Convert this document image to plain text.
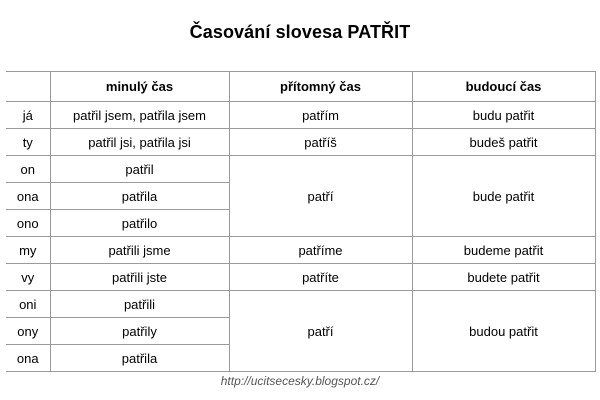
Časování slovesa PATŘIT
	minulý čas	přítomný čas	budoucí čas
já	patřil jsem, patřila jsem	patřím	budu patřit
ty	patřil jsi, patřila jsi	patříš	budeš patřit
on	patřil	patří	bude patřit
ona	patřila		
ono	patřilo		
my	patřili jsme	patříme	budeme patřit
vy	patřili jste	patříte	budete patřit
oni	patřili	patří	budou patřit
ony	patřily		
ona	patřila		
http://ucitsecesky.blogspot.cz/
